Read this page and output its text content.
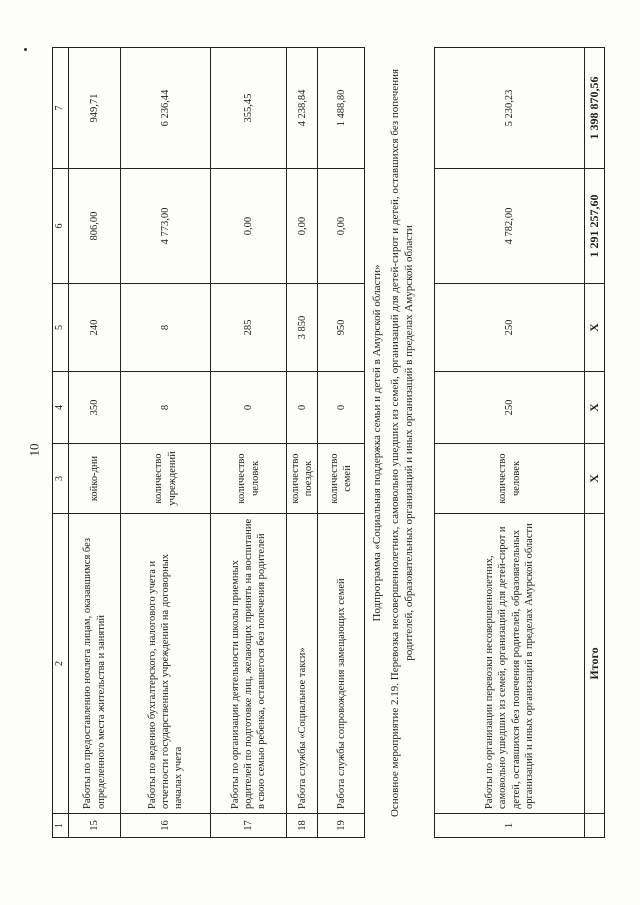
10
1	2	3	4	5	6	7
15	Работы по предоставлению ночлега лицам, оказавшимся без определенного места жительства и занятий	койко-дни	350	240	806,00	949,71
16	Работы по ведению бухгалтерского, налогового учета и отчетности государственных учреждений на договорных началах учета	количество учреждений	8	8	4 773,00	6 236,44
17	Работы по организации деятельности школы приемных родителей по подготовке лиц, желающих принять на воспитание в свою семью ребенка, оставшегося без попечения родителей	количество человек	0	285	0,00	355,45
18	Работа службы «Социальное такси»	количество поездок	0	3 850	0,00	4 238,84
19	Работа службы сопровождения замещающих семей	количество семей	0	950	0,00	1 488,80
Подпрограмма «Социальная поддержка семьи и детей в Амурской области» Основное мероприятие 2.19. Перевозка несовершеннолетних, самовольно ушедших из семей, организаций для детей-сирот и детей, оставшихся без попечения родителей, образовательных организаций и иных организаций в пределах Амурской области
1	Работы по организации перевозки несовершеннолетних, самовольно ушедших из семей, организаций для детей-сирот и детей, оставшихся без попечения родителей, образовательных организаций и иных организаций в пределах Амурской области	количество человек	250	250	4 782,00	5 230,23
	Итого	X	X	X	1 291 257,60	1 398 870,56
